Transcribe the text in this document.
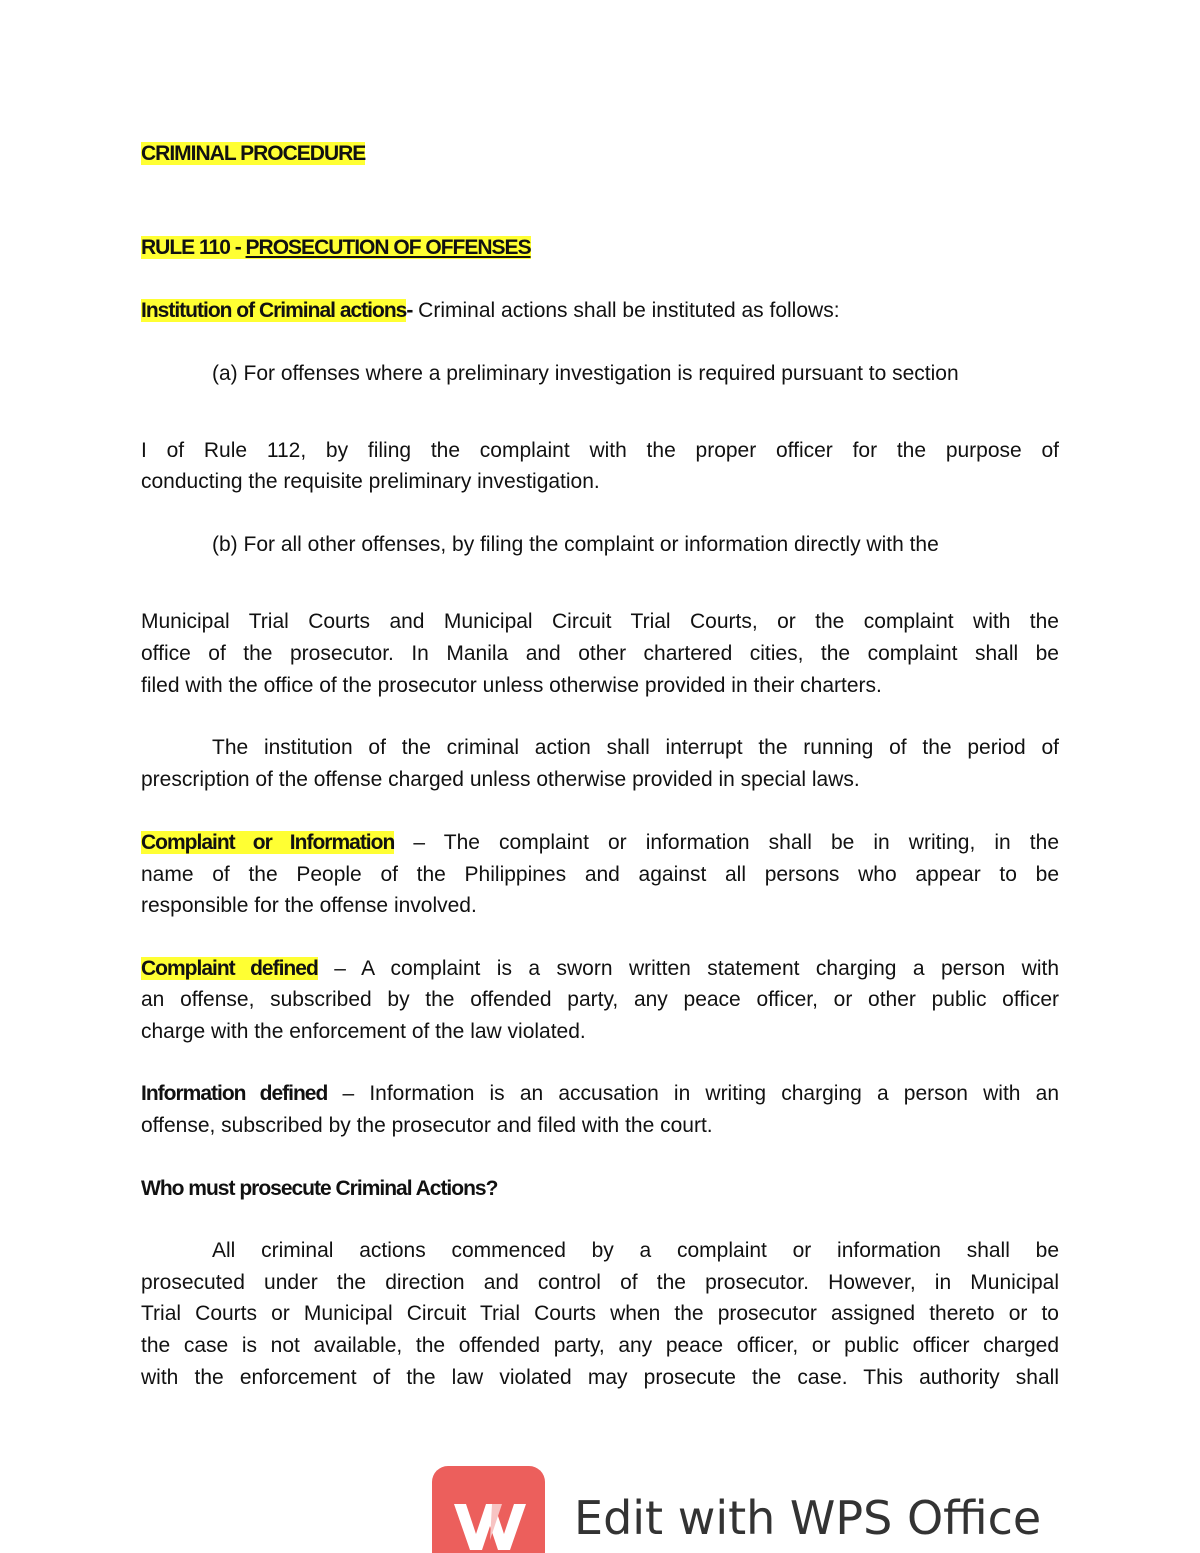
CRIMINAL PROCEDURE
RULE 110 - PROSECUTION OF OFFENSES
Institution of Criminal actions- Criminal actions shall be instituted as follows:
(a) For offenses where a preliminary investigation is required pursuant to section
I of Rule 112, by filing the complaint with the proper officer for the purpose of
conducting the requisite preliminary investigation.
(b) For all other offenses, by filing the complaint or information directly with the
Municipal Trial Courts and Municipal Circuit Trial Courts, or the complaint with the
office of the prosecutor. In Manila and other chartered cities, the complaint shall be
filed with the office of the prosecutor unless otherwise provided in their charters.
The institution of the criminal action shall interrupt the running of the period of
prescription of the offense charged unless otherwise provided in special laws.
Complaint or Information – The complaint or information shall be in writing, in the
name of the People of the Philippines and against all persons who appear to be
responsible for the offense involved.
Complaint defined – A complaint is a sworn written statement charging a person with
an offense, subscribed by the offended party, any peace officer, or other public officer
charge with the enforcement of the law violated.
Information defined – Information is an accusation in writing charging a person with an
offense, subscribed by the prosecutor and filed with the court.
Who must prosecute Criminal Actions?
All criminal actions commenced by a complaint or information shall be
prosecuted under the direction and control of the prosecutor. However, in Municipal
Trial Courts or Municipal Circuit Trial Courts when the prosecutor assigned thereto or to
the case is not available, the offended party, any peace officer, or public officer charged
with the enforcement of the law violated may prosecute the case. This authority shall
Edit with WPS Office
